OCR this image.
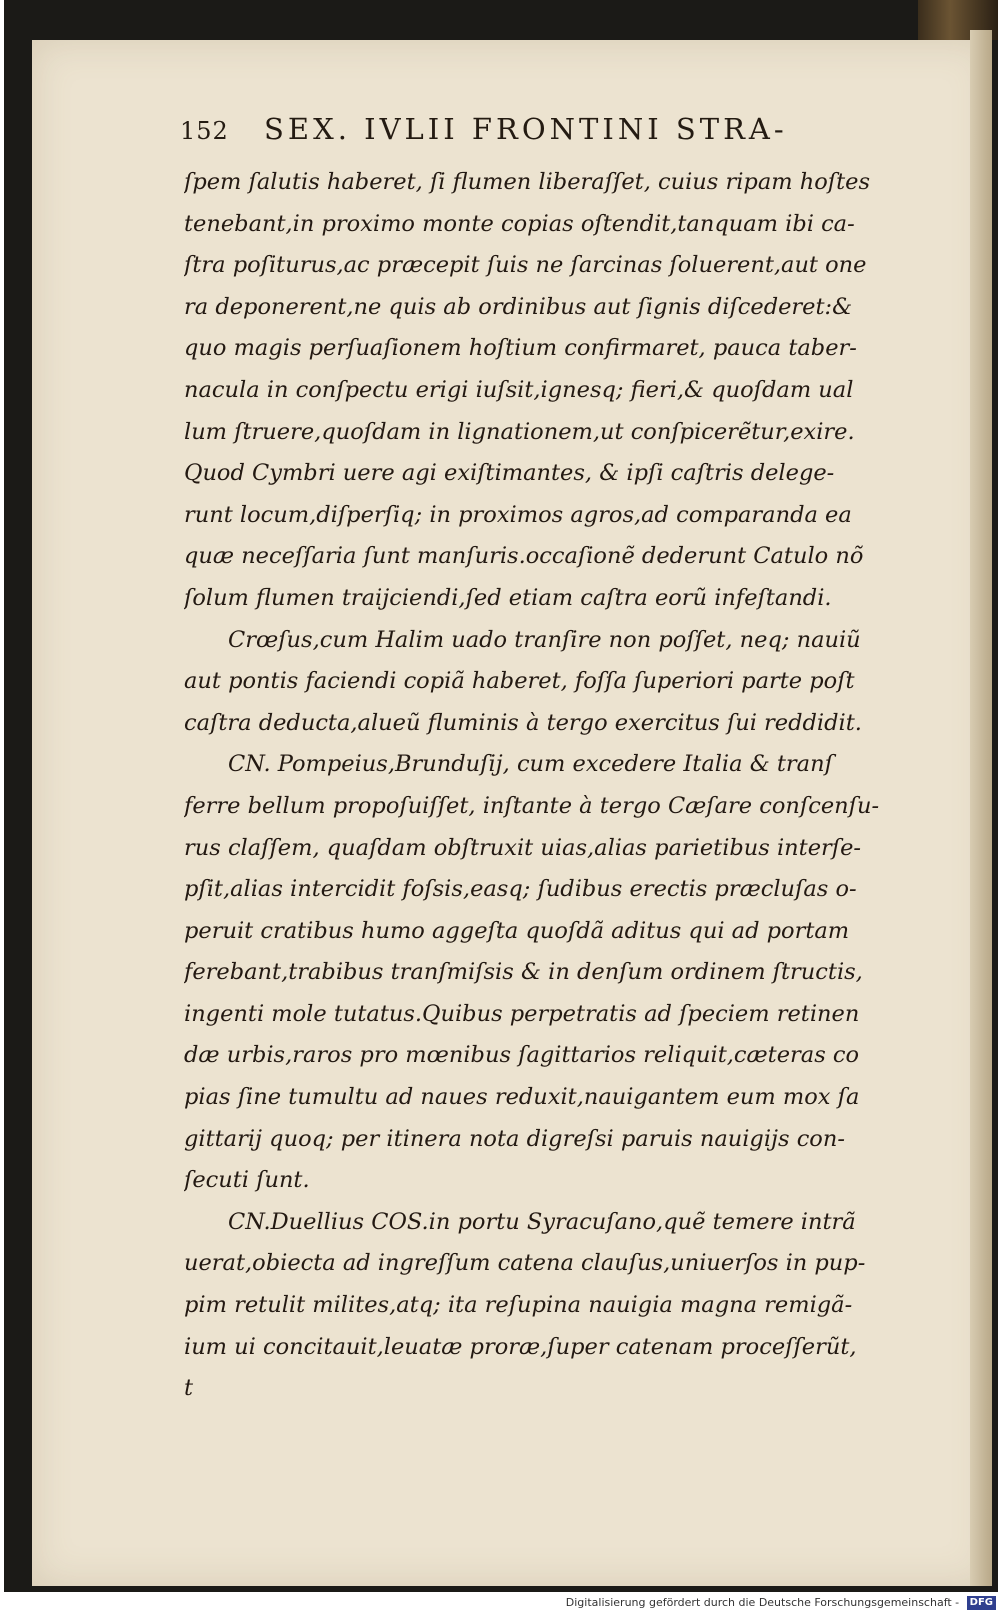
152 SEX. IVLII FRONTINI STRA-
ſpem ſalutis haberet, ſi flumen liberaſſet, cuius ripam hoſtes
tenebant,in proximo monte copias oſtendit,tanquam ibi ca-
ſtra poſiturus,ac præcepit ſuis ne ſarcinas ſoluerent,aut one
ra deponerent,ne quis ab ordinibus aut ſignis diſcederet:&
quo magis perſuaſionem hoſtium confirmaret, pauca taber-
nacula in conſpectu erigi iuſsit,ignesq; fieri,& quoſdam ual
lum ſtruere,quoſdam in lignationem,ut conſpicerẽtur,exire.
Quod Cymbri uere agi exiſtimantes, & ipſi caſtris delege-
runt locum,diſperſiq; in proximos agros,ad comparanda ea
quæ neceſſaria ſunt manſuris.occaſionẽ dederunt Catulo nõ
ſolum flumen traijciendi,ſed etiam caſtra eorũ infeſtandi.
Crœſus,cum Halim uado tranſire non poſſet, neq; nauiũ
aut pontis faciendi copiã haberet, foſſa ſuperiori parte poſt
caſtra deducta,alueũ fluminis à tergo exercitus ſui reddidit.
CN. Pompeius,Brunduſij, cum excedere Italia & tranſ
ferre bellum propoſuiſſet, inſtante à tergo Cæſare conſcenſu-
rus claſſem, quaſdam obſtruxit uias,alias parietibus interſe-
pſit,alias intercidit foſsis,easq; ſudibus erectis præcluſas o-
peruit cratibus humo aggeſta quoſdã aditus qui ad portam
ferebant,trabibus tranſmiſsis & in denſum ordinem ſtructis,
ingenti mole tutatus.Quibus perpetratis ad ſpeciem retinen
dæ urbis,raros pro mœnibus ſagittarios reliquit,cæteras co
pias ſine tumultu ad naues reduxit,nauigantem eum mox ſa
gittarij quoq; per itinera nota digreſsi paruis nauigijs con-
ſecuti ſunt.
CN.Duellius COS.in portu Syracuſano,quẽ temere intrã
uerat,obiecta ad ingreſſum catena clauſus,uniuerſos in pup-
pim retulit milites,atq; ita reſupina nauigia magna remigã-
ium ui concitauit,leuatæ proræ,ſuper catenam proceſſerũt,
t
Digitalisierung gefördert durch die Deutsche Forschungsgemeinschaft - DFG
